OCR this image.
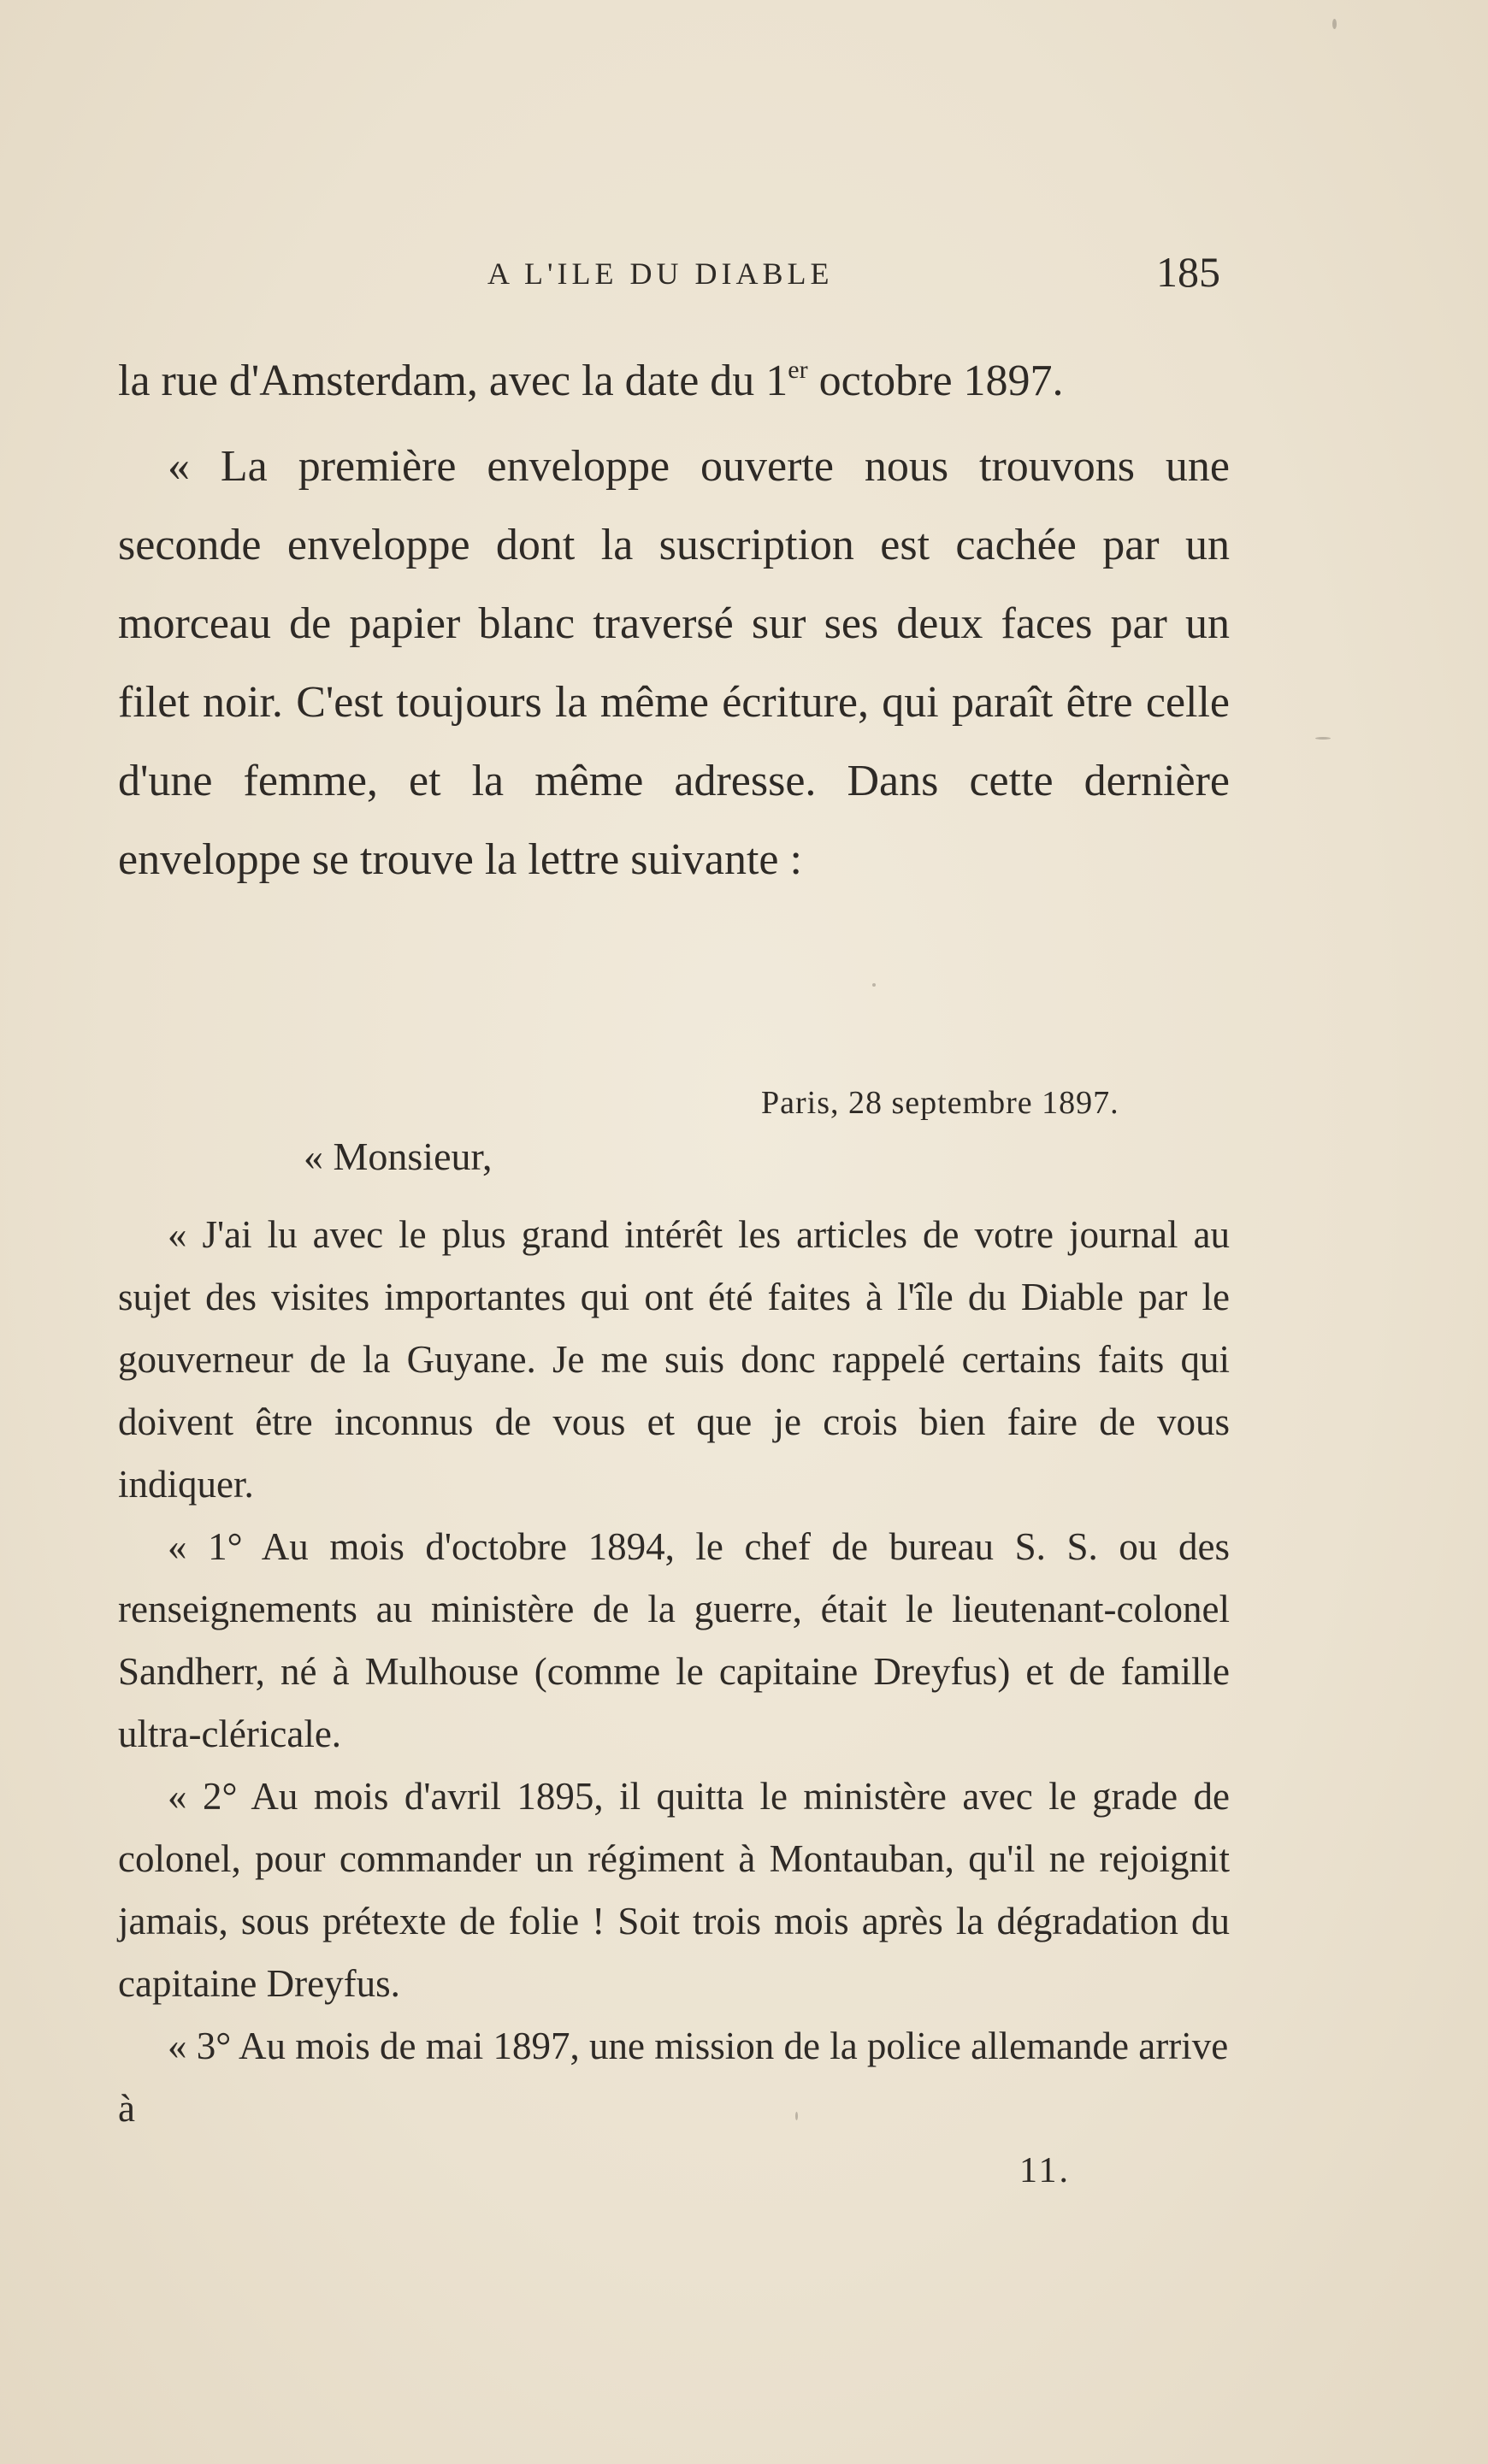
A L'ILE DU DIABLE	185

la rue d'Amsterdam, avec la date du 1er octobre 1897.

« La première enveloppe ouverte nous trouvons une seconde enveloppe dont la suscription est cachée par un morceau de papier blanc traversé sur ses deux faces par un filet noir. C'est toujours la même écriture, qui paraît être celle d'une femme, et la même adresse. Dans cette dernière enveloppe se trouve la lettre suivante :

Paris, 28 septembre 1897.
« Monsieur,

« J'ai lu avec le plus grand intérêt les articles de votre journal au sujet des visites importantes qui ont été faites à l'île du Diable par le gouverneur de la Guyane. Je me suis donc rappelé certains faits qui doivent être inconnus de vous et que je crois bien faire de vous indiquer.

« 1° Au mois d'octobre 1894, le chef de bureau S. S. ou des renseignements au ministère de la guerre, était le lieutenant-colonel Sandherr, né à Mulhouse (comme le capitaine Dreyfus) et de famille ultra-cléricale.

« 2° Au mois d'avril 1895, il quitta le ministère avec le grade de colonel, pour commander un régiment à Montauban, qu'il ne rejoignit jamais, sous prétexte de folie ! Soit trois mois après la dégradation du capitaine Dreyfus.

« 3° Au mois de mai 1897, une mission de la police allemande arrive à

11.
